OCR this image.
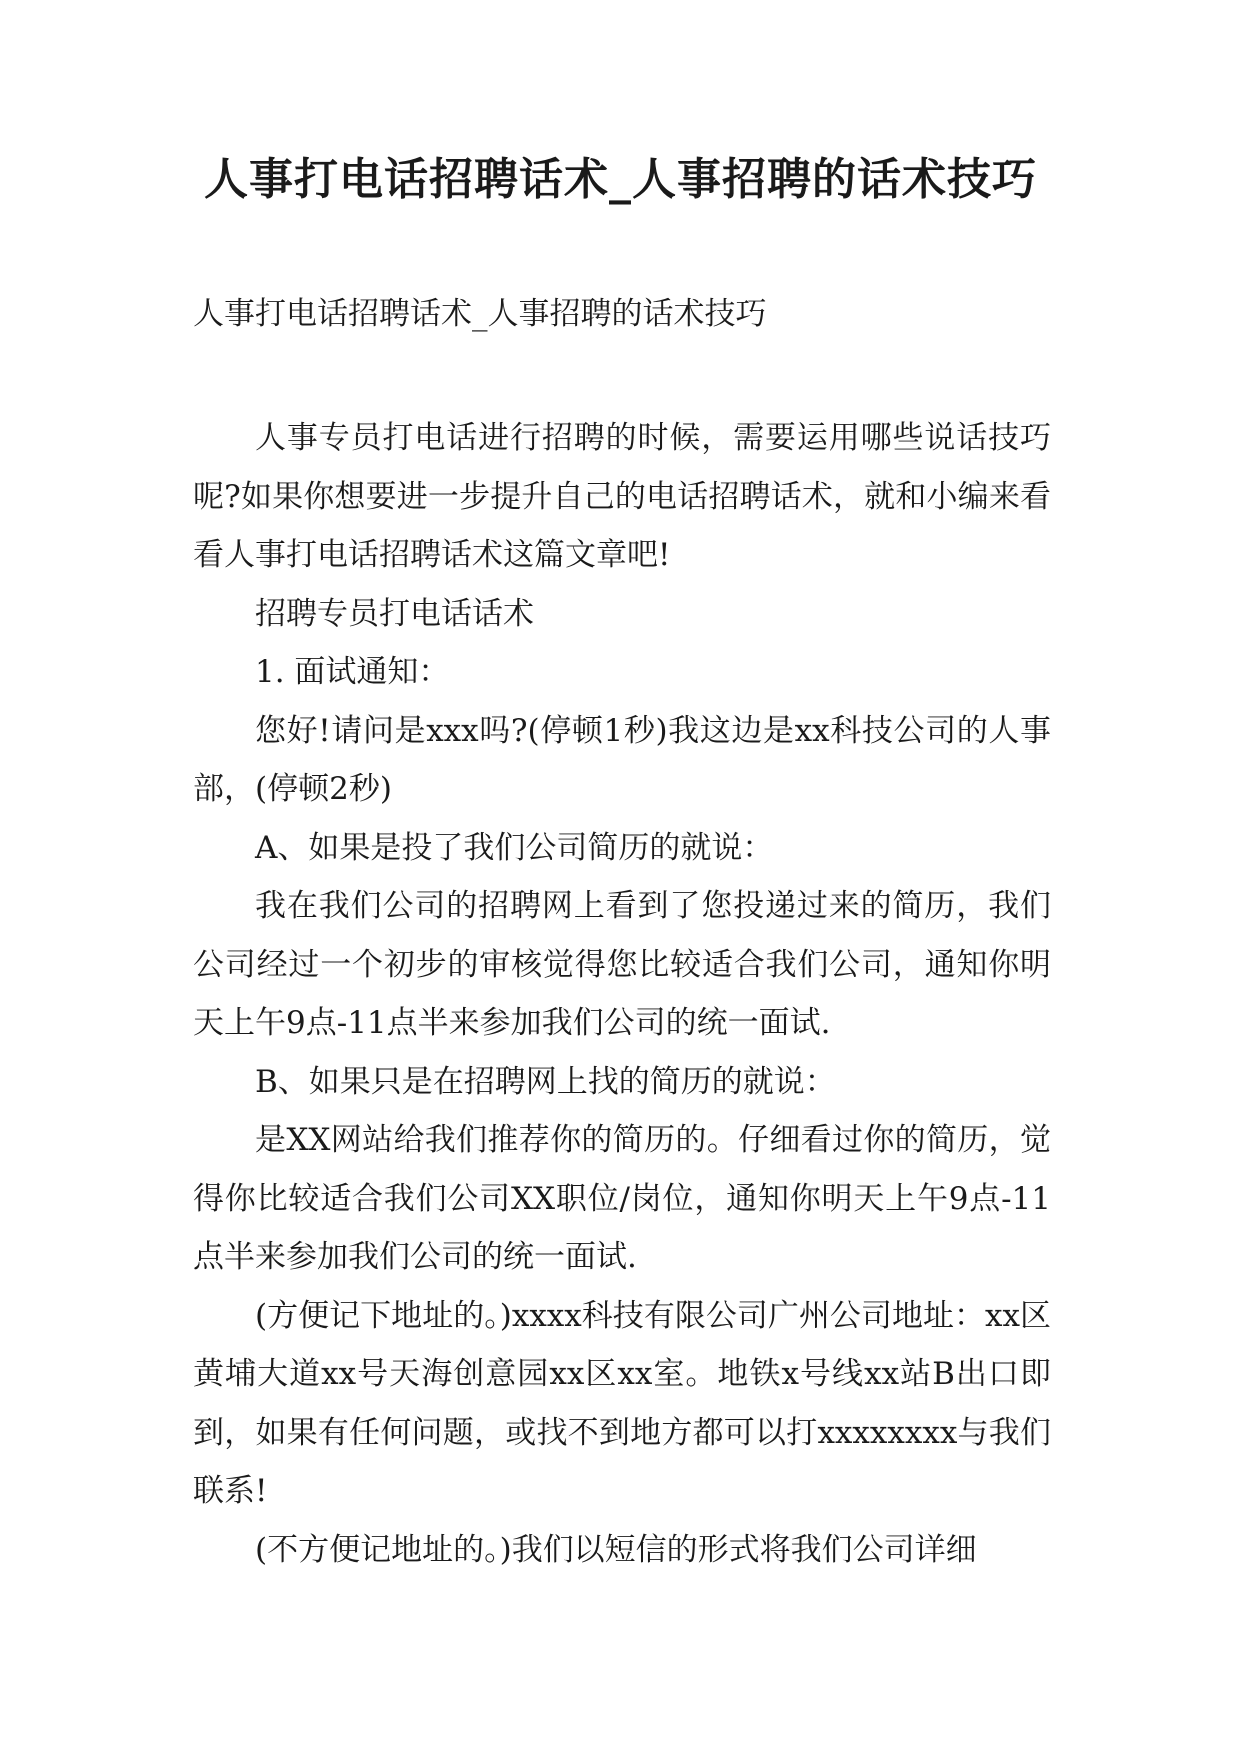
人事打电话招聘话术_人事招聘的话术技巧

人事打电话招聘话术_人事招聘的话术技巧

人事专员打电话进行招聘的时候，需要运用哪些说话技巧呢?如果你想要进一步提升自己的电话招聘话术，就和小编来看看人事打电话招聘话术这篇文章吧!

招聘专员打电话话术

1. 面试通知：

您好!请问是xxx吗?(停顿1秒)我这边是xx科技公司的人事部，(停顿2秒)

A、如果是投了我们公司简历的就说：

我在我们公司的招聘网上看到了您投递过来的简历，我们公司经过一个初步的审核觉得您比较适合我们公司，通知你明天上午9点-11点半来参加我们公司的统一面试.

B、如果只是在招聘网上找的简历的就说：

是XX网站给我们推荐你的简历的。仔细看过你的简历，觉得你比较适合我们公司XX职位/岗位，通知你明天上午9点-11点半来参加我们公司的统一面试.

(方便记下地址的。)xxxx科技有限公司广州公司地址：xx区黄埔大道xx号天海创意园xx区xx室。地铁x号线xx站B出口即到，如果有任何问题，或找不到地方都可以打xxxxxxxx与我们联系!

(不方便记地址的。)我们以短信的形式将我们公司详细
